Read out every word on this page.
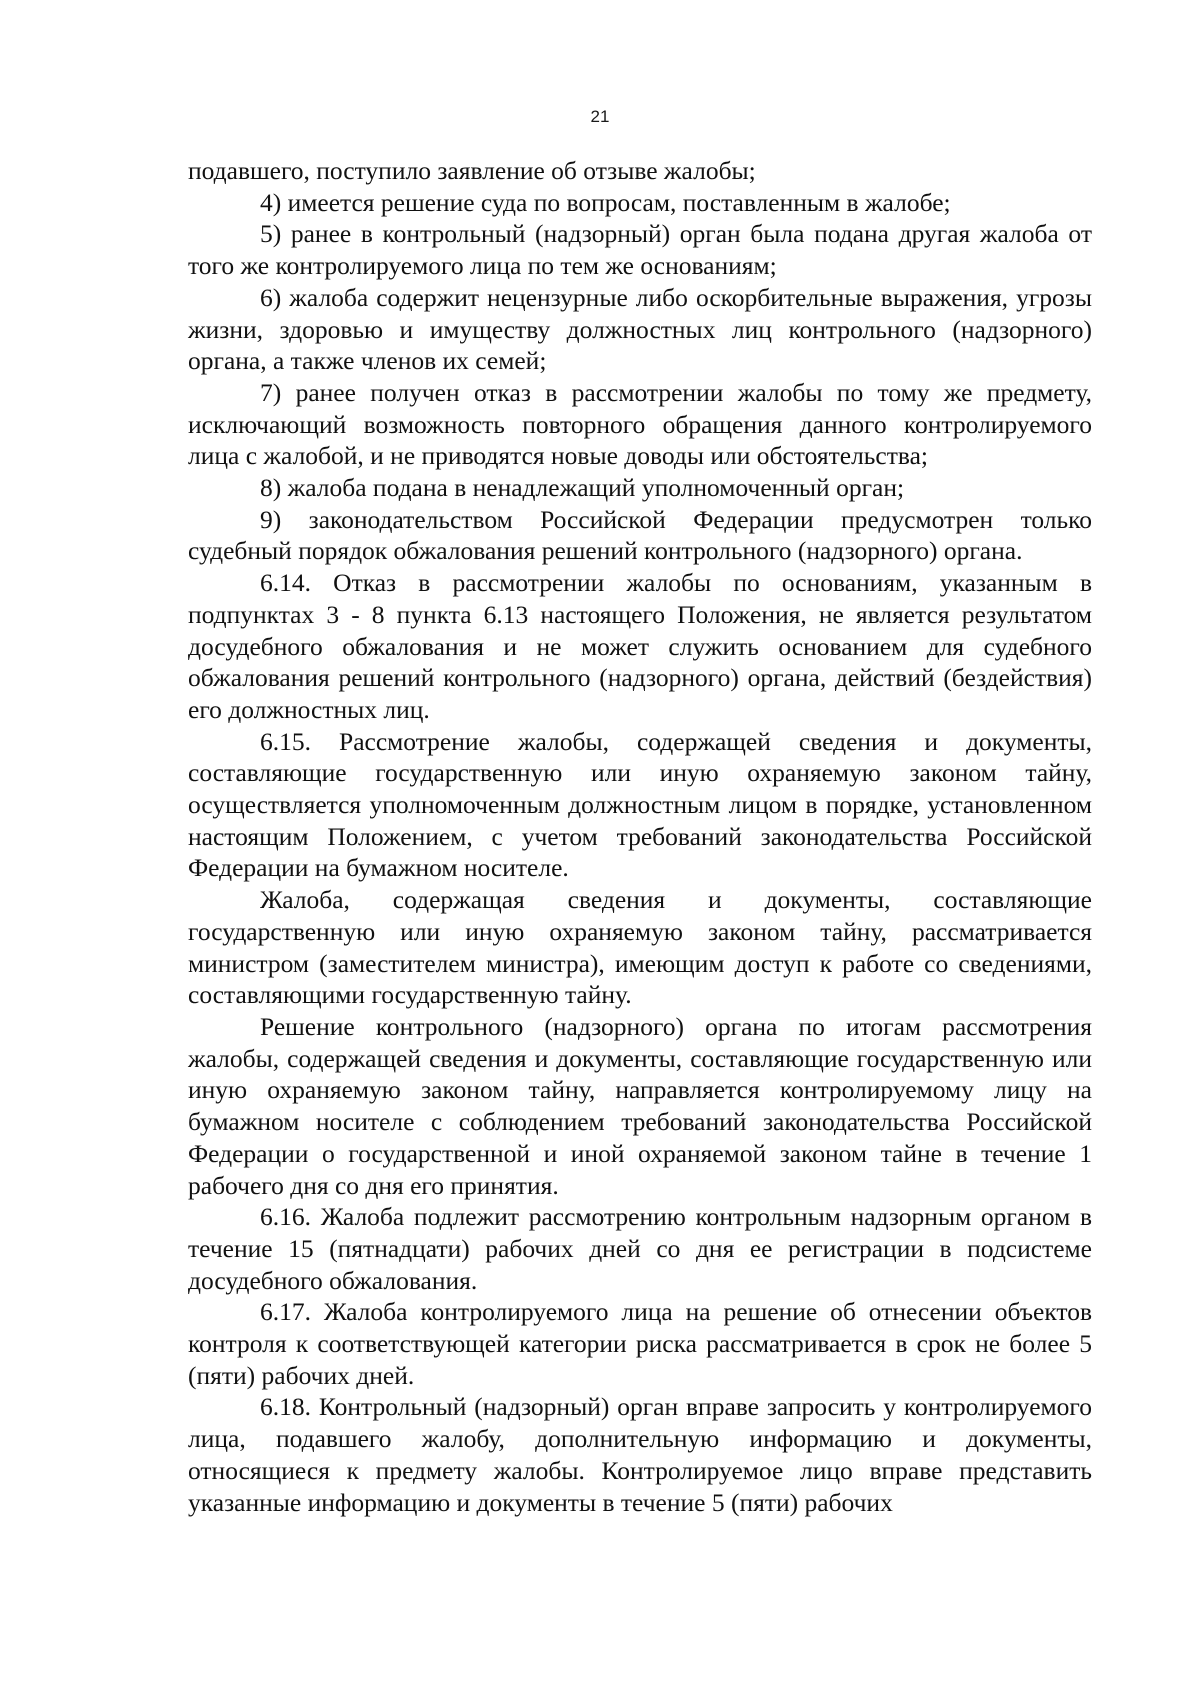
21

подавшего, поступило заявление об отзыве жалобы;

4) имеется решение суда по вопросам, поставленным в жалобе;

5) ранее в контрольный (надзорный) орган была подана другая жалоба от того же контролируемого лица по тем же основаниям;

6) жалоба содержит нецензурные либо оскорбительные выражения, угрозы жизни, здоровью и имуществу должностных лиц контрольного (надзорного) органа, а также членов их семей;

7) ранее получен отказ в рассмотрении жалобы по тому же предмету, исключающий возможность повторного обращения данного контролируемого лица с жалобой, и не приводятся новые доводы или обстоятельства;

8) жалоба подана в ненадлежащий уполномоченный орган;

9) законодательством Российской Федерации предусмотрен только судебный порядок обжалования решений контрольного (надзорного) органа.

6.14. Отказ в рассмотрении жалобы по основаниям, указанным в подпунктах 3 - 8 пункта 6.13 настоящего Положения, не является результатом досудебного обжалования и не может служить основанием для судебного обжалования решений контрольного (надзорного) органа, действий (бездействия) его должностных лиц.

6.15. Рассмотрение жалобы, содержащей сведения и документы, составляющие государственную или иную охраняемую законом тайну, осуществляется уполномоченным должностным лицом в порядке, установленном настоящим Положением, с учетом требований законодательства Российской Федерации на бумажном носителе.

Жалоба, содержащая сведения и документы, составляющие государственную или иную охраняемую законом тайну, рассматривается министром (заместителем министра), имеющим доступ к работе со сведениями, составляющими государственную тайну.

Решение контрольного (надзорного) органа по итогам рассмотрения жалобы, содержащей сведения и документы, составляющие государственную или иную охраняемую законом тайну, направляется контролируемому лицу на бумажном носителе с соблюдением требований законодательства Российской Федерации о государственной и иной охраняемой законом тайне в течение 1 рабочего дня со дня его принятия.

6.16. Жалоба подлежит рассмотрению контрольным надзорным органом в течение 15 (пятнадцати) рабочих дней со дня ее регистрации в подсистеме досудебного обжалования.

6.17. Жалоба контролируемого лица на решение об отнесении объектов контроля к соответствующей категории риска рассматривается в срок не более 5 (пяти) рабочих дней.

6.18. Контрольный (надзорный) орган вправе запросить у контролируемого лица, подавшего жалобу, дополнительную информацию и документы, относящиеся к предмету жалобы. Контролируемое лицо вправе представить указанные информацию и документы в течение 5 (пяти) рабочих
